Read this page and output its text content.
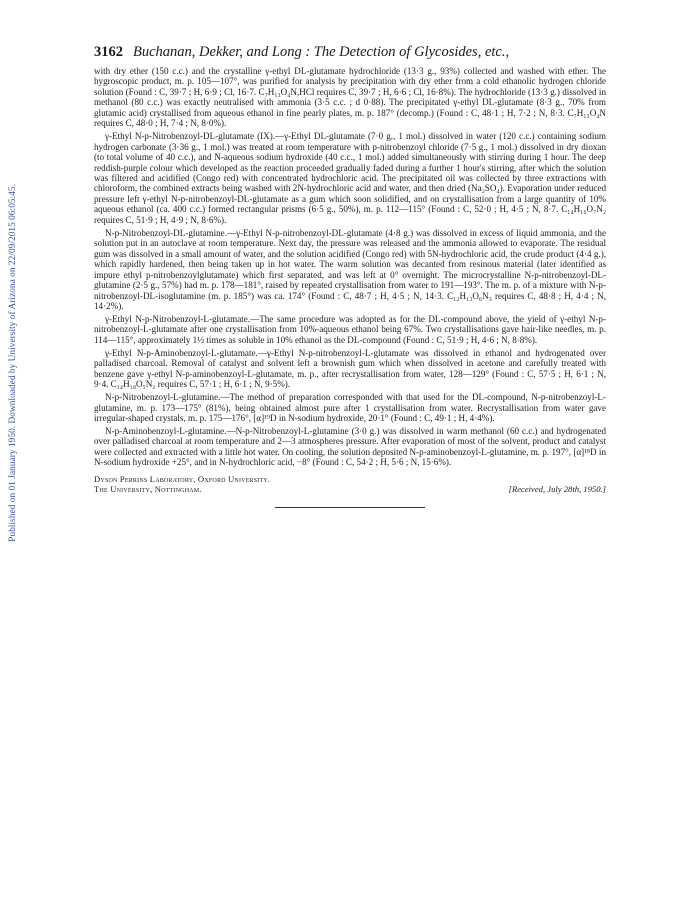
Published on 01 January 1950. Downloaded by University of Arizona on 22/09/2015 06:05:45.
3162 Buchanan, Dekker, and Long : The Detection of Glycosides, etc.,

with dry ether (150 c.c.) and the crystalline γ-ethyl DL-glutamate hydrochloride (13·3 g., 93%) collected and washed with ether. The hygroscopic product, m. p. 105—107°, was purified for analysis by precipitation with dry ether from a cold ethanolic hydrogen chloride solution (Found : C, 39·7 ; H, 6·9 ; Cl, 16·7. C₇H₁₃O₄N,HCl requires C, 39·7 ; H, 6·6 ; Cl, 16·8%). The hydrochloride (13·3 g.) dissolved in methanol (80 c.c.) was exactly neutralised with ammonia (3·5 c.c. ; d 0·88). The precipitated γ-ethyl DL-glutamate (8·3 g., 70% from glutamic acid) crystallised from aqueous ethanol in fine pearly plates, m. p. 187° (decomp.) (Found : C, 48·1 ; H, 7·2 ; N, 8·3. C₇H₁₃O₄N requires C, 48·0 ; H, 7·4 ; N, 8·0%).

γ-Ethyl N-p-Nitrobenzoyl-DL-glutamate (IX).—γ-Ethyl DL-glutamate (7·0 g., 1 mol.) dissolved in water (120 c.c.) containing sodium hydrogen carbonate (3·36 g., 1 mol.) was treated at room temperature with p-nitrobenzoyl chloride (7·5 g., 1 mol.) dissolved in dry dioxan (to total volume of 40 c.c.), and N-aqueous sodium hydroxide (40 c.c., 1 mol.) added simultaneously with stirring during 1 hour. The deep reddish-purple colour which developed as the reaction proceeded gradually faded during a further 1 hour's stirring, after which the solution was filtered and acidified (Congo red) with concentrated hydrochloric acid. The precipitated oil was collected by three extractions with chloroform, the combined extracts being washed with 2N-hydrochloric acid and water, and then dried (Na₂SO₄). Evaporation under reduced pressure left γ-ethyl N-p-nitrobenzoyl-DL-glutamate as a gum which soon solidified, and on crystallisation from a large quantity of 10% aqueous ethanol (ca. 400 c.c.) formed rectangular prisms (6·5 g., 50%), m. p. 112—115° (Found : C, 52·0 ; H, 4·5 ; N, 8·7. C₁₄H₁₆O₇N₂ requires C, 51·9 ; H, 4·9 ; N, 8·6%).

N-p-Nitrobenzoyl-DL-glutamine.—γ-Ethyl N-p-nitrobenzoyl-DL-glutamate (4·8 g.) was dissolved in excess of liquid ammonia, and the solution put in an autoclave at room temperature. Next day, the pressure was released and the ammonia allowed to evaporate. The residual gum was dissolved in a small amount of water, and the solution acidified (Congo red) with 5N-hydrochloric acid, the crude product (4·4 g.), which rapidly hardened, then being taken up in hot water. The warm solution was decanted from resinous material (later identified as impure ethyl p-nitrobenzoylglutamate) which first separated, and was left at 0° overnight. The microcrystalline N-p-nitrobenzoyl-DL-glutamine (2·5 g., 57%) had m. p. 178—181°, raised by repeated crystallisation from water to 191—193°. The m. p. of a mixture with N-p-nitrobenzoyl-DL-isoglutamine (m. p. 185°) was ca. 174° (Found : C, 48·7 ; H, 4·5 ; N, 14·3. C₁₂H₁₃O₆N₃ requires C, 48·8 ; H, 4·4 ; N, 14·2%).

γ-Ethyl N-p-Nitrobenzoyl-L-glutamate.—The same procedure was adopted as for the DL-compound above, the yield of γ-ethyl N-p-nitrobenzoyl-L-glutamate after one crystallisation from 10%-aqueous ethanol being 67%. Two crystallisations gave hair-like needles, m. p. 114—115°, approximately 1½ times as soluble in 10% ethanol as the DL-compound (Found : C, 51·9 ; H, 4·6 ; N, 8·8%).

γ-Ethyl N-p-Aminobenzoyl-L-glutamate.—γ-Ethyl N-p-nitrobenzoyl-L-glutamate was dissolved in ethanol and hydrogenated over palladised charcoal. Removal of catalyst and solvent left a brownish gum which when dissolved in acetone and carefully treated with benzene gave γ-ethyl N-p-aminobenzoyl-L-glutamate, m. p., after recrystallisation from water, 128—129° (Found : C, 57·5 ; H, 6·1 ; N, 9·4. C₁₄H₁₈O₅N₂ requires C, 57·1 ; H, 6·1 ; N, 9·5%).

N-p-Nitrobenzoyl-L-glutamine.—The method of preparation corresponded with that used for the DL-compound, N-p-nitrobenzoyl-L-glutamine, m. p. 173—175° (81%), being obtained almost pure after 1 crystallisation from water. Recrystallisation from water gave irregular-shaped crystals, m. p. 175—176°, [α]¹⁹D in N-sodium hydroxide, 20·1° (Found : C, 49·1 ; H, 4·4%).

N-p-Aminobenzoyl-L-glutamine.—N-p-Nitrobenzoyl-L-glutamine (3·0 g.) was dissolved in warm methanol (60 c.c.) and hydrogenated over palladised charcoal at room temperature and 2—3 atmospheres pressure. After evaporation of most of the solvent, product and catalyst were collected and extracted with a little hot water. On cooling, the solution deposited N-p-aminobenzoyl-L-glutamine, m. p. 197°, [α]¹⁸D in N-sodium hydroxide +25°, and in N-hydrochloric acid, −8° (Found : C, 54·2 ; H, 5·6 ; N, 15·6%).

Dyson Perrins Laboratory, Oxford University.
The University, Nottingham.	[Received, July 28th, 1950.]
